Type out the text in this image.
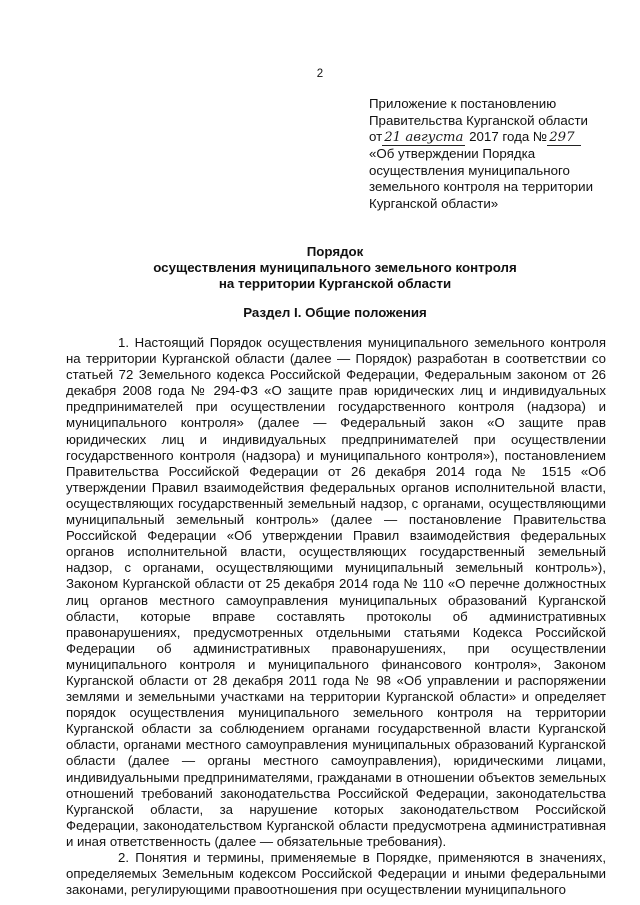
2
Приложение к постановлению
Правительства Курганской области
от 21 августа 2017 года № 297
«Об утверждении Порядка
осуществления муниципального
земельного контроля на территории
Курганской области»
Порядок
осуществления муниципального земельного контроля
на территории Курганской области
Раздел I. Общие положения

1. Настоящий Порядок осуществления муниципального земельного контроля на территории Курганской области (далее — Порядок) разработан в соответствии со статьей 72 Земельного кодекса Российской Федерации, Федеральным законом от 26 декабря 2008 года № 294-ФЗ «О защите прав юридических лиц и индивидуальных предпринимателей при осуществлении государственного контроля (надзора) и муниципального контроля» (далее — Федеральный закон «О защите прав юридических лиц и индивидуальных предпринимателей при осуществлении государственного контроля (надзора) и муниципального контроля»), постановлением Правительства Российской Федерации от 26 декабря 2014 года № 1515 «Об утверждении Правил взаимодействия федеральных органов исполнительной власти, осуществляющих государственный земельный надзор, с органами, осуществляющими муниципальный земельный контроль» (далее — постановление Правительства Российской Федерации «Об утверждении Правил взаимодействия федеральных органов исполнительной власти, осуществляющих государственный земельный надзор, с органами, осуществляющими муниципальный земельный контроль»), Законом Курганской области от 25 декабря 2014 года № 110 «О перечне должностных лиц органов местного самоуправления муниципальных образований Курганской области, которые вправе составлять протоколы об административных правонарушениях, предусмотренных отдельными статьями Кодекса Российской Федерации об административных правонарушениях, при осуществлении муниципального контроля и муниципального финансового контроля», Законом Курганской области от 28 декабря 2011 года № 98 «Об управлении и распоряжении землями и земельными участками на территории Курганской области» и определяет порядок осуществления муниципального земельного контроля на территории Курганской области за соблюдением органами государственной власти Курганской области, органами местного самоуправления муниципальных образований Курганской области (далее — органы местного самоуправления), юридическими лицами, индивидуальными предпринимателями, гражданами в отношении объектов земельных отношений требований законодательства Российской Федерации, законодательства Курганской области, за нарушение которых законодательством Российской Федерации, законодательством Курганской области предусмотрена административная и иная ответственность (далее — обязательные требования).

2. Понятия и термины, применяемые в Порядке, применяются в значениях, определяемых Земельным кодексом Российской Федерации и иными федеральными законами, регулирующими правоотношения при осуществлении муниципального
